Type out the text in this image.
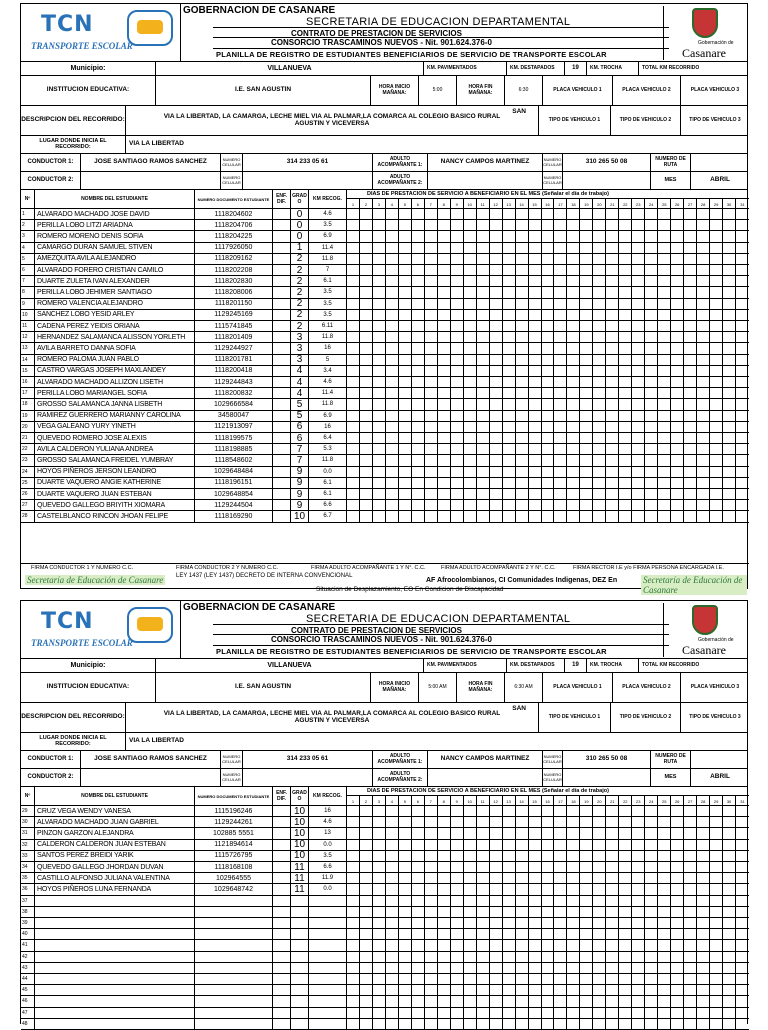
TCN
TRANSPORTE ESCOLAR
GOBERNACION DE CASANARE
SECRETARIA DE EDUCACION DEPARTAMENTAL
CONTRATO DE PRESTACION DE SERVICIOS
CONSORCIO TRASCAMINOS NUEVOS - Nit. 901.624.376-0
PLANILLA DE REGISTRO DE ESTUDIANTES BENEFICIARIOS DE SERVICIO DE TRANSPORTE ESCOLAR
Gobernación de
Casanare
Municipio:	VILLANUEVA	KM. PAVIMENTADOS	KM. DESTAPADOS	19	KM. TROCHA	TOTAL KM RECORRIDO
INSTITUCION EDUCATIVA:	I.E. SAN AGUSTIN	HORA INICIO MAÑANA:	5:00	HORA FIN MAÑANA:	6:30	PLACA VEHICULO 1	PLACA VEHICULO 2	PLACA VEHICULO 3
DESCRIPCION DEL RECORRIDO:	VIA LA LIBERTAD, LA CAMARGA, LECHE MIEL VIA AL PALMAR,LA COMARCA AL COLEGIO BASICO RURAL
SAN
AGUSTIN Y VICEVERSA	TIPO DE VEHICULO 1	TIPO DE VEHICULO 2	TIPO DE VEHICULO 3
LUGAR DONDE INICIA EL RECORRIDO:	VIA LA LIBERTAD
CONDUCTOR 1:	JOSE SANTIAGO RAMOS SANCHEZ	NUMERO CELULAR	314 233 05 61	ADULTO ACOMPAÑANTE 1:	NANCY CAMPOS MARTINEZ	NUMERO CELULAR	310 265 50 08	NUMERO DE RUTA
CONDUCTOR 2:	NUMERO CELULAR
ADULTO ACOMPAÑANTE 2:
NUMERO CELULAR	MES	ABRIL
Nº	NOMBRE DEL ESTUDIANTE	NUMERO DOCUMENTO ESTUDIANTE	ENF. DIF.
GRAD O	KM RECOG.
DIAS DE PRESTACION DE SERVICIO A BENEFICIARIO EN EL MES (Señalar el día de trabajo)
1	2	3	4	5	6	7	8	9	10	11	12	13	14	15	16	17	18	19	20	21	22	23	24	25	26	27	28	29	30	31
1	ALVARADO MACHADO JOSE DAVID	1118204602	0	4.6
2	PERILLA LOBO LITZI ARIADNA	1118204706	0	3.5
3	ROMERO MORENO DENIS SOFIA	1118204225	0	6.9
4	CAMARGO DURAN SAMUEL STIVEN	1117926050	1	11.4
5	AMEZQUITA AVILA ALEJANDRO	1118209162	2	11.8
6	ALVARADO FORERO CRISTIAN CAMILO	1118202208	2	7
7	DUARTE ZULETA IVAN ALEXANDER	1118202830	2	6.1
8	PERILLA LOBO JEHIMER SANTIAGO	1118208006	2	3.5
9	ROMERO VALENCIA ALEJANDRO	1118201150	2	3.5
10	SANCHEZ LOBO YESID ARLEY	1129245169	2	3.5
11	CADENA PEREZ YEIDIS ORIANA	1115741845	2	6.11
12	HERNANDEZ SALAMANCA ALISSON YORLETH	1118201409	3	11.8
13	AVILA BARRETO DANNA SOFIA	1129244927	3	16
14	ROMERO PALOMA JUAN PABLO	1118201781	3	5
15	CASTRO VARGAS JOSEPH MAXLANDEY	1118200418	4	3.4
16	ALVARADO MACHADO ALLIZON LISETH	1129244843	4	4.6
17	PERILLA LOBO MARIANGEL SOFIA	1118200832	4	11.4
18	GROSSO SALAMANCA JANNA LISBETH	1029666584	5	11.8
19	RAMIREZ GUERRERO MARIANNY CAROLINA	34580047	5	6.9
20	VEGA GALEANO YURY YINETH	1121913097	6	16
21	QUEVEDO ROMERO JOSE ALEXIS	1118199575	6	6.4
22	AVILA CALDERON YULIANA ANDREA	1118198885	7	5.3
23	GROSSO SALAMANCA FREIDEL YUMBRAY	1118548602	7	11.8
24	HOYOS PIÑEROS JERSON LEANDRO	1029648484	9	0.0
25	DUARTE VAQUERO ANGIE KATHERINE	1118196151	9	6.1
26	DUARTE VAQUERO JUAN ESTEBAN	1029648854	9	6.1
27	QUEVEDO GALLEGO BRIYITH XIOMARA	1129244504	9	6.6
28	CASTELBLANCO RINCON JHOAN FELIPE	1118169290	10	6.7
FIRMA CONDUCTOR 1 Y NUMERO C.C.	FIRMA CONDUCTOR 2 Y NUMERO C.C.	FIRMA ADULTO ACOMPAÑANTE 1 Y N°. C.C.	FIRMA ADULTO ACOMPAÑANTE 2 Y N°. C.C.	FIRMA RECTOR I.E y/o FIRMA PERSONA ENCARGADA I.E.
Secretaría de Educación de Casanare	Secretaría de Educación de Casanare
LEY 1437 (LEY 1437) DECRETO DE INTERNA CONVENCIONAL
AF Afrocolombianos, CI Comunidades Indigenas, DEZ En
Situacion de Desplazamiento, EO En Condicion de Discapacidad
TCN
TRANSPORTE ESCOLAR
GOBERNACION DE CASANARE
SECRETARIA DE EDUCACION DEPARTAMENTAL
CONTRATO DE PRESTACION DE SERVICIOS
CONSORCIO TRASCAMINOS NUEVOS - Nit. 901.624.376-0
PLANILLA DE REGISTRO DE ESTUDIANTES BENEFICIARIOS DE SERVICIO DE TRANSPORTE ESCOLAR
Gobernación de
Casanare
Municipio:	VILLANUEVA	KM. PAVIMENTADOS	KM. DESTAPADOS	19	KM. TROCHA	TOTAL KM RECORRIDO
INSTITUCION EDUCATIVA:	I.E. SAN AGUSTIN	HORA INICIO MAÑANA:	5:00 AM	HORA FIN MAÑANA:	6:30 AM	PLACA VEHICULO 1	PLACA VEHICULO 2	PLACA VEHICULO 3
DESCRIPCION DEL RECORRIDO:	VIA LA LIBERTAD, LA CAMARGA, LECHE MIEL VIA AL PALMAR,LA COMARCA AL COLEGIO BASICO RURAL
SAN
AGUSTIN Y VICEVERSA	TIPO DE VEHICULO 1	TIPO DE VEHICULO 2	TIPO DE VEHICULO 3
LUGAR DONDE INICIA EL RECORRIDO:	VIA LA LIBERTAD
CONDUCTOR 1:	JOSE SANTIAGO RAMOS SANCHEZ	NUMERO CELULAR	314 233 05 61	ADULTO ACOMPAÑANTE 1:	NANCY CAMPOS MARTINEZ	NUMERO CELULAR	310 265 50 08	NUMERO DE RUTA
CONDUCTOR 2:	NUMERO CELULAR
ADULTO ACOMPAÑANTE 2:
NUMERO CELULAR	MES	ABRIL
Nº	NOMBRE DEL ESTUDIANTE	NUMERO DOCUMENTO ESTUDIANTE	ENF. DIF.
GRAD O	KM RECOG.
DIAS DE PRESTACION DE SERVICIO A BENEFICIARIO EN EL MES (Señalar el día de trabajo)
1	2	3	4	5	6	7	8	9	10	11	12	13	14	15	16	17	18	19	20	21	22	23	24	25	26	27	28	29	30	31
29	CRUZ VEGA WENDY VANESA	1115196246	10	16
30	ALVARADO MACHADO JUAN GABRIEL	1129244261	10	4.6
31	PINZON GARZON ALEJANDRA	102885 5551	10	13
32	CALDERON CALDERON JUAN ESTEBAN	1121894614	10	0.0
33	SANTOS PEREZ BREIDI YARIK	1115726795	10	3.5
34	QUEVEDO GALLEGO JHORDAN DUVAN	1118168108	11	6.6
35	CASTILLO ALFONSO JULIANA VALENTINA	102964555	11	11.9
36	HOYOS PIÑEROS LUNA FERNANDA	1029648742	11	0.0
37
38
39
40
41
42
43
44
45
46
47
48
